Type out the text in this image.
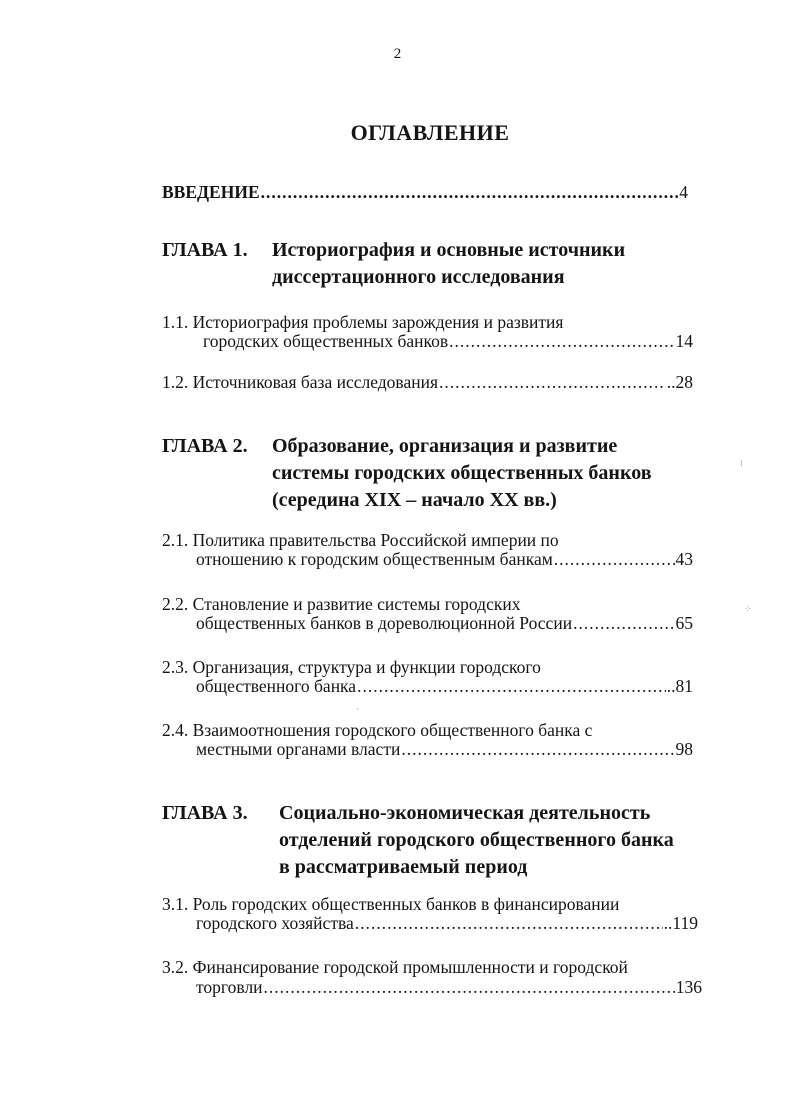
2
ОГЛАВЛЕНИЕ
ВВЕДЕНИЕ .....	4
ГЛАВА 1. Историография и основные источники диссертационного исследования
1.1. Историография проблемы зарождения и развития
городских общественных банков .....	14
1.2. Источниковая база исследования .....	..28
ГЛАВА 2. Образование, организация и развитие системы городских общественных банков (середина XIX – начало XX вв.)
2.1. Политика правительства Российской империи по
отношению к городским общественным банкам .....	43
2.2. Становление и развитие системы городских
общественных банков в дореволюционной России .....	65
2.3. Организация, структура и функции городского
общественного банка .....	..81
2.4. Взаимоотношения городского общественного банка с
местными органами власти .....	98
ГЛАВА 3. Социально-экономическая деятельность отделений городского общественного банка в рассматриваемый период
3.1. Роль городских общественных банков в финансировании
городского хозяйства .....	..119
3.2. Финансирование городской промышленности и городской
торговли .....	136
⁝
⁘
·
